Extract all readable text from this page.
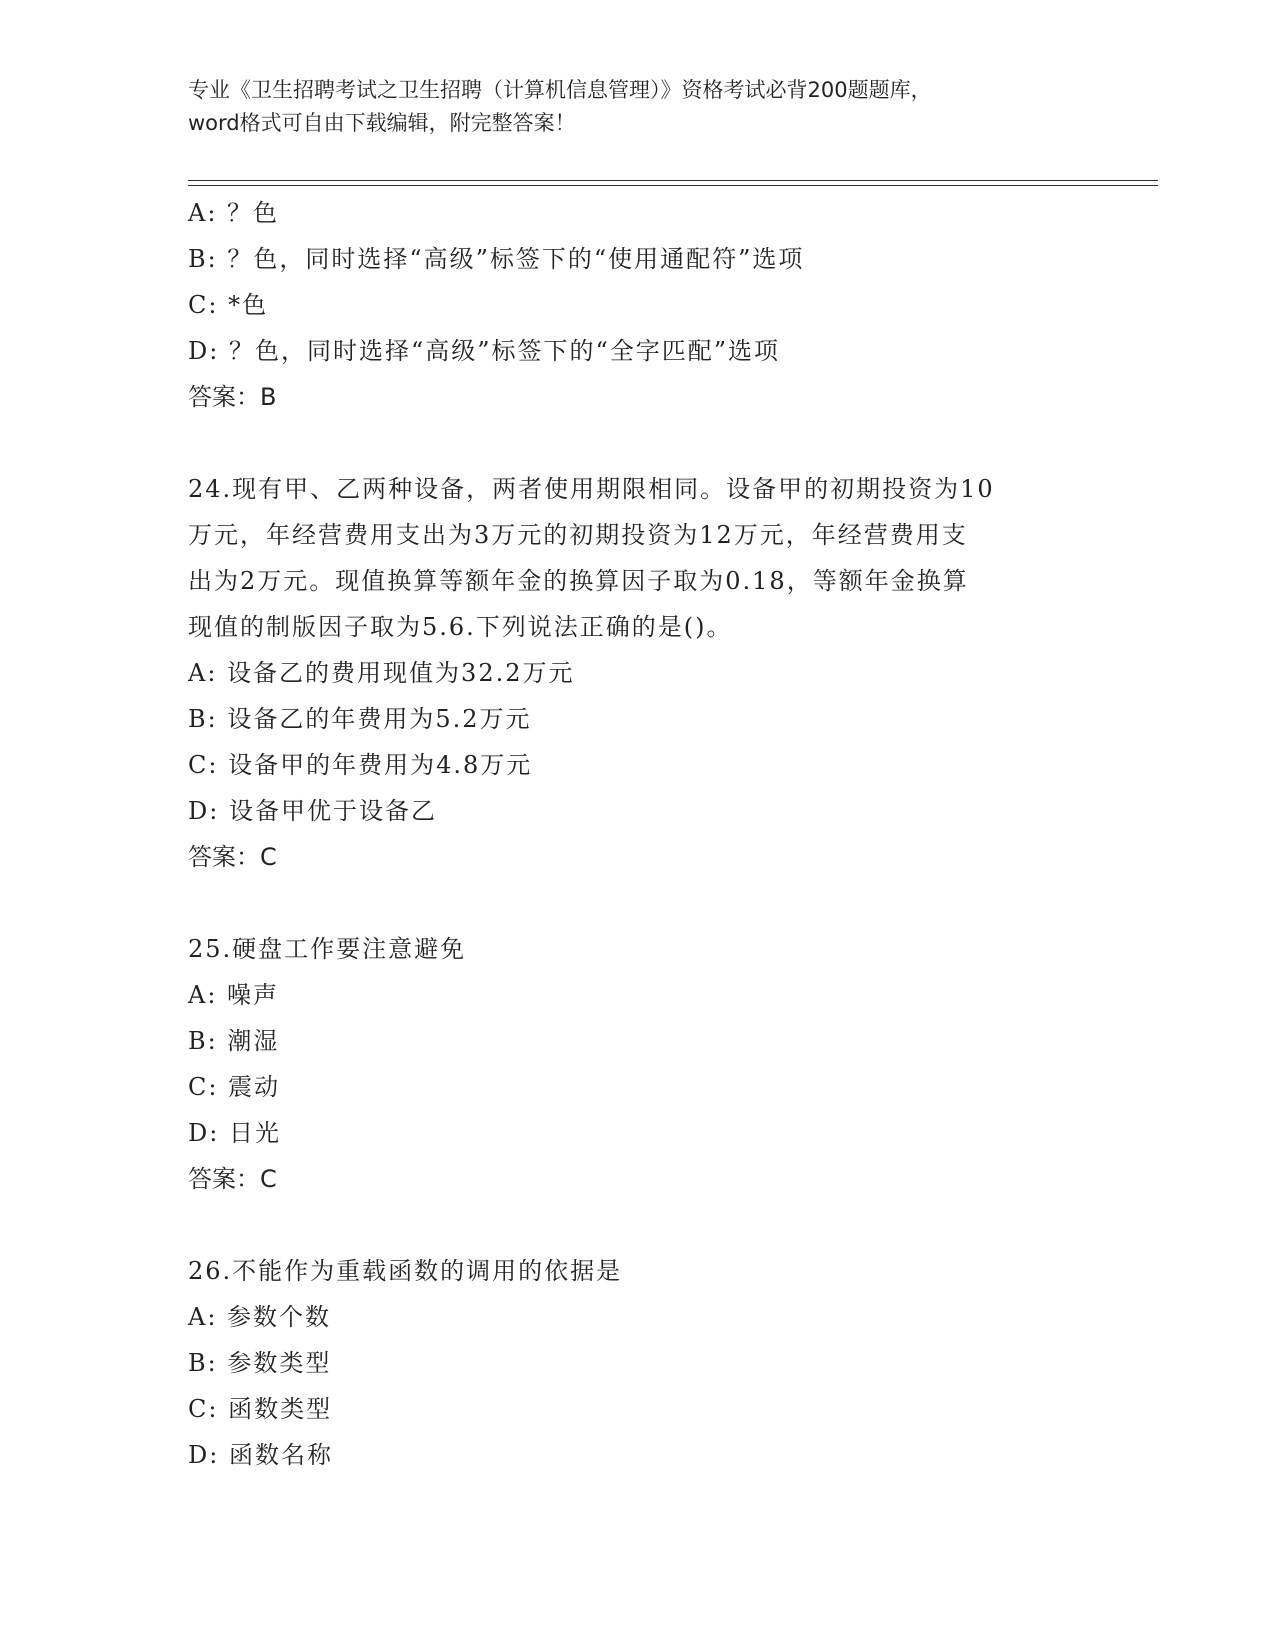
专业《卫生招聘考试之卫生招聘（计算机信息管理）》资格考试必背200题题库，
word格式可自由下载编辑，附完整答案！
A: ？色
B: ？色，同时选择“高级”标签下的“使用通配符”选项
C: *色
D: ？色，同时选择“高级”标签下的“全字匹配”选项
答案：B
24.现有甲、乙两种设备，两者使用期限相同。设备甲的初期投资为10
万元，年经营费用支出为3万元的初期投资为12万元，年经营费用支
出为2万元。现值换算等额年金的换算因子取为0.18，等额年金换算
现值的制版因子取为5.6.下列说法正确的是()。
A: 设备乙的费用现值为32.2万元
B: 设备乙的年费用为5.2万元
C: 设备甲的年费用为4.8万元
D: 设备甲优于设备乙
答案：C
25.硬盘工作要注意避免
A: 噪声
B: 潮湿
C: 震动
D: 日光
答案：C
26.不能作为重载函数的调用的依据是
A: 参数个数
B: 参数类型
C: 函数类型
D: 函数名称
